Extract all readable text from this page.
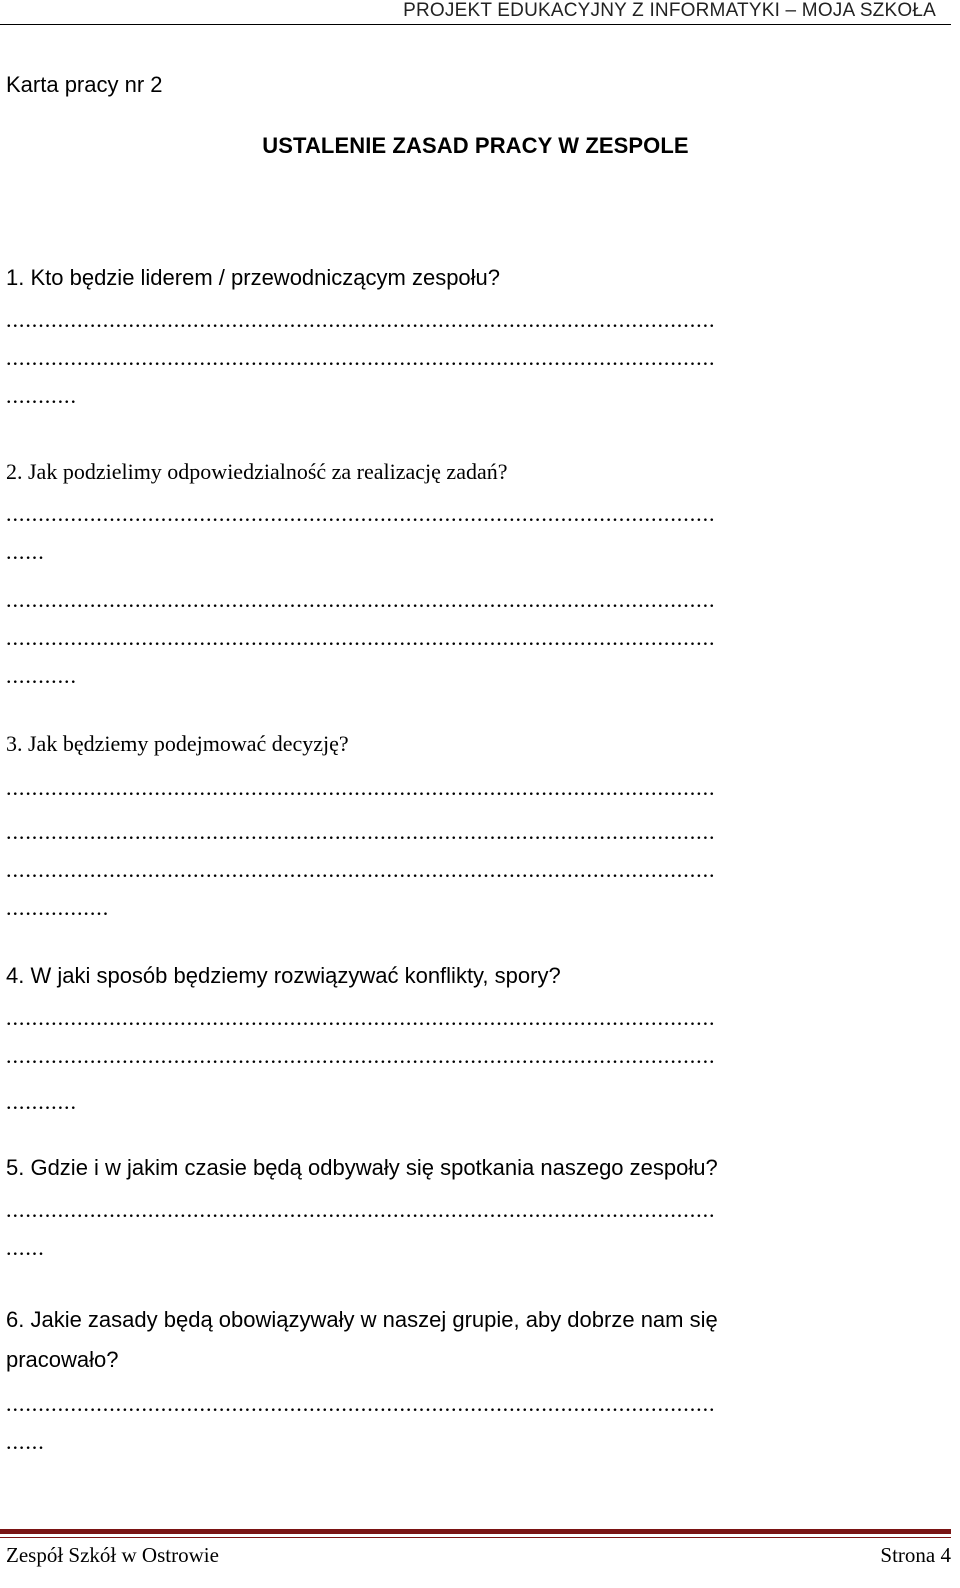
PROJEKT EDUKACYJNY Z INFORMATYKI – MOJA SZKOŁA
Karta pracy nr 2
USTALENIE ZASAD PRACY W ZESPOLE
1. Kto będzie liderem / przewodniczącym zespołu?
..............................................................................................................
..............................................................................................................
...........
2. Jak podzielimy odpowiedzialność za realizację zadań?
..............................................................................................................
......
..............................................................................................................
..............................................................................................................
...........
3. Jak będziemy podejmować decyzję?
..............................................................................................................
..............................................................................................................
..............................................................................................................
................
4. W jaki sposób będziemy rozwiązywać konflikty, spory?
..............................................................................................................
..............................................................................................................
...........
5. Gdzie i w jakim czasie będą odbywały się spotkania naszego zespołu?
..............................................................................................................
......
6. Jakie zasady będą obowiązywały w naszej grupie, aby dobrze nam się
pracowało?
..............................................................................................................
......
Zespół Szkół w Ostrowie	Strona 4
